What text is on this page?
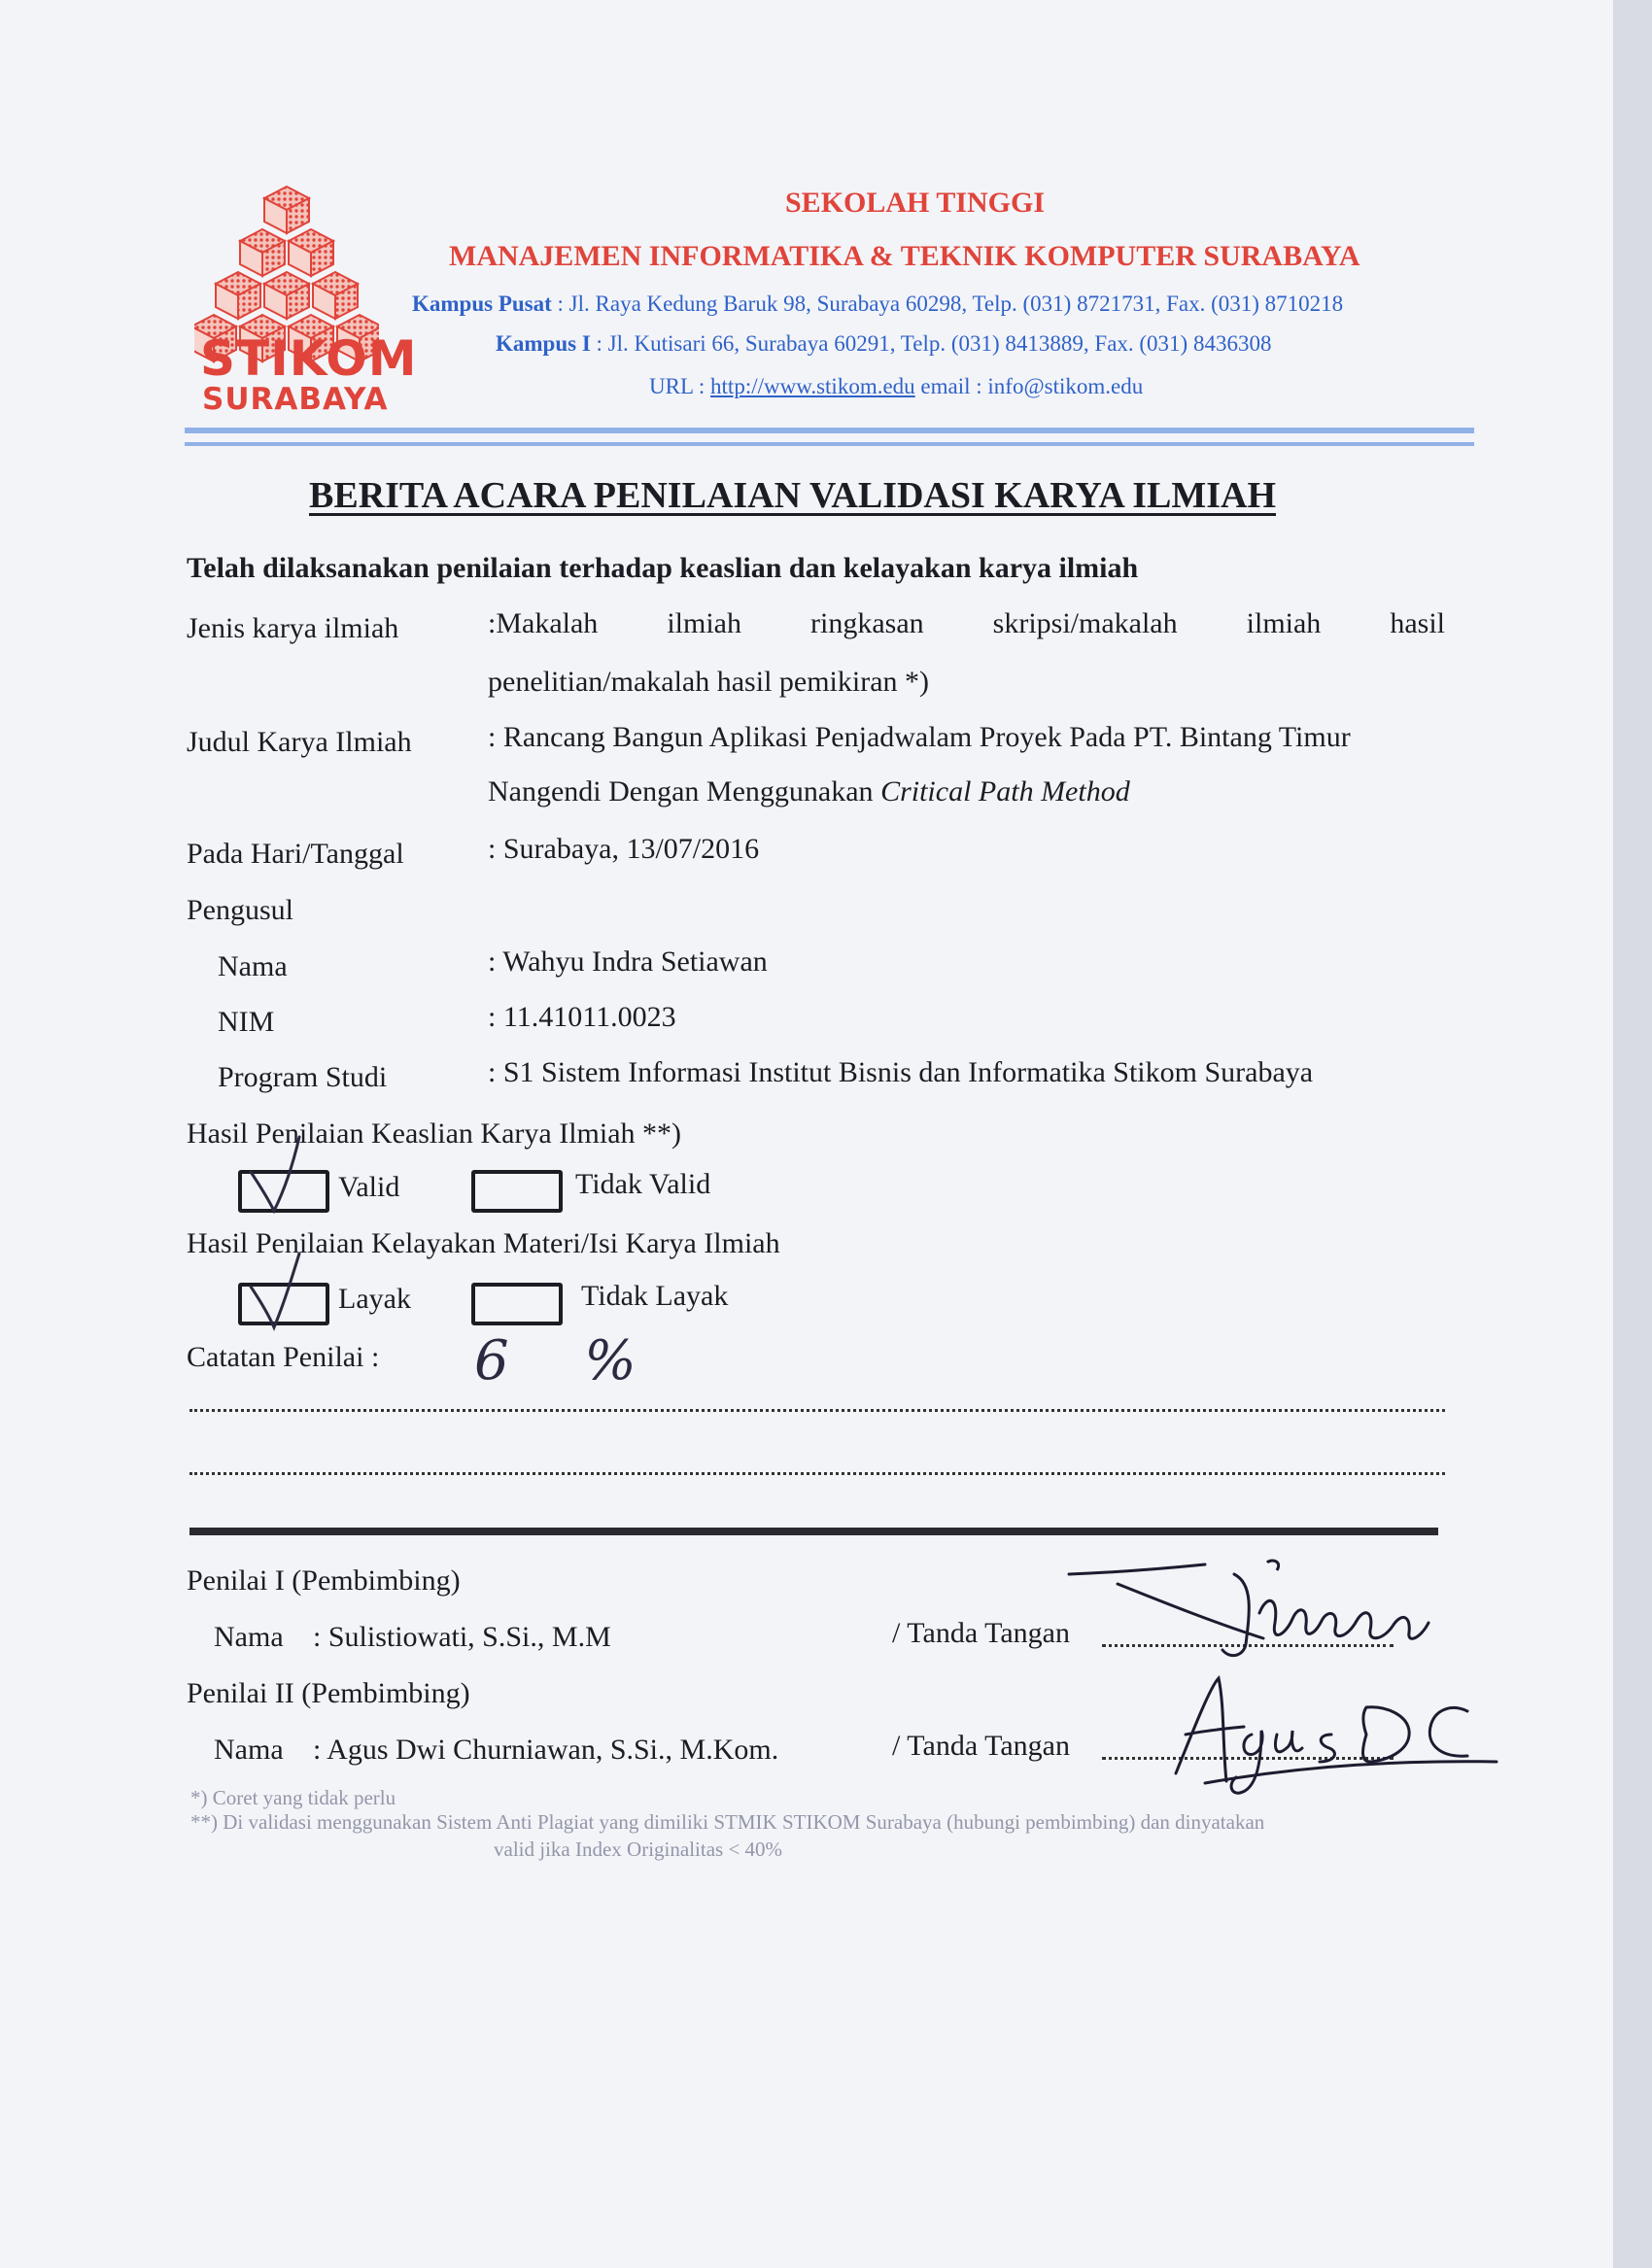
STIKOM
SURABAYA
SEKOLAH TINGGI
MANAJEMEN INFORMATIKA & TEKNIK KOMPUTER SURABAYA
Kampus Pusat : Jl. Raya Kedung Baruk 98, Surabaya 60298, Telp. (031) 8721731, Fax. (031) 8710218
Kampus I : Jl. Kutisari 66, Surabaya 60291, Telp. (031) 8413889, Fax. (031) 8436308
URL : http://www.stikom.edu email : info@stikom.edu
BERITA ACARA PENILAIAN VALIDASI KARYA ILMIAH
Telah dilaksanakan penilaian terhadap keaslian dan kelayakan karya ilmiah
Jenis karya ilmiah	:Makalah ilmiah ringkasan skripsi/makalah ilmiah hasil
penelitian/makalah hasil pemikiran *)
Judul Karya Ilmiah	: Rancang Bangun Aplikasi Penjadwalam Proyek Pada PT. Bintang Timur
Nangendi Dengan Menggunakan Critical Path Method
Pada Hari/Tanggal	: Surabaya, 13/07/2016
Pengusul
Nama	: Wahyu Indra Setiawan
NIM	: 11.41011.0023
Program Studi	: S1 Sistem Informasi Institut Bisnis dan Informatika Stikom Surabaya
Hasil Penilaian Keaslian Karya Ilmiah **)
Valid	Tidak Valid
Hasil Penilaian Kelayakan Materi/Isi Karya Ilmiah
Layak	Tidak Layak
Catatan Penilai : 6 %
Penilai I (Pembimbing)
Nama : Sulistiowati, S.Si., M.M	/ Tanda Tangan
Penilai II (Pembimbing)
Nama : Agus Dwi Churniawan, S.Si., M.Kom.	/ Tanda Tangan
*) Coret yang tidak perlu
**) Di validasi menggunakan Sistem Anti Plagiat yang dimiliki STMIK STIKOM Surabaya (hubungi pembimbing) dan dinyatakan
valid jika Index Originalitas < 40%
